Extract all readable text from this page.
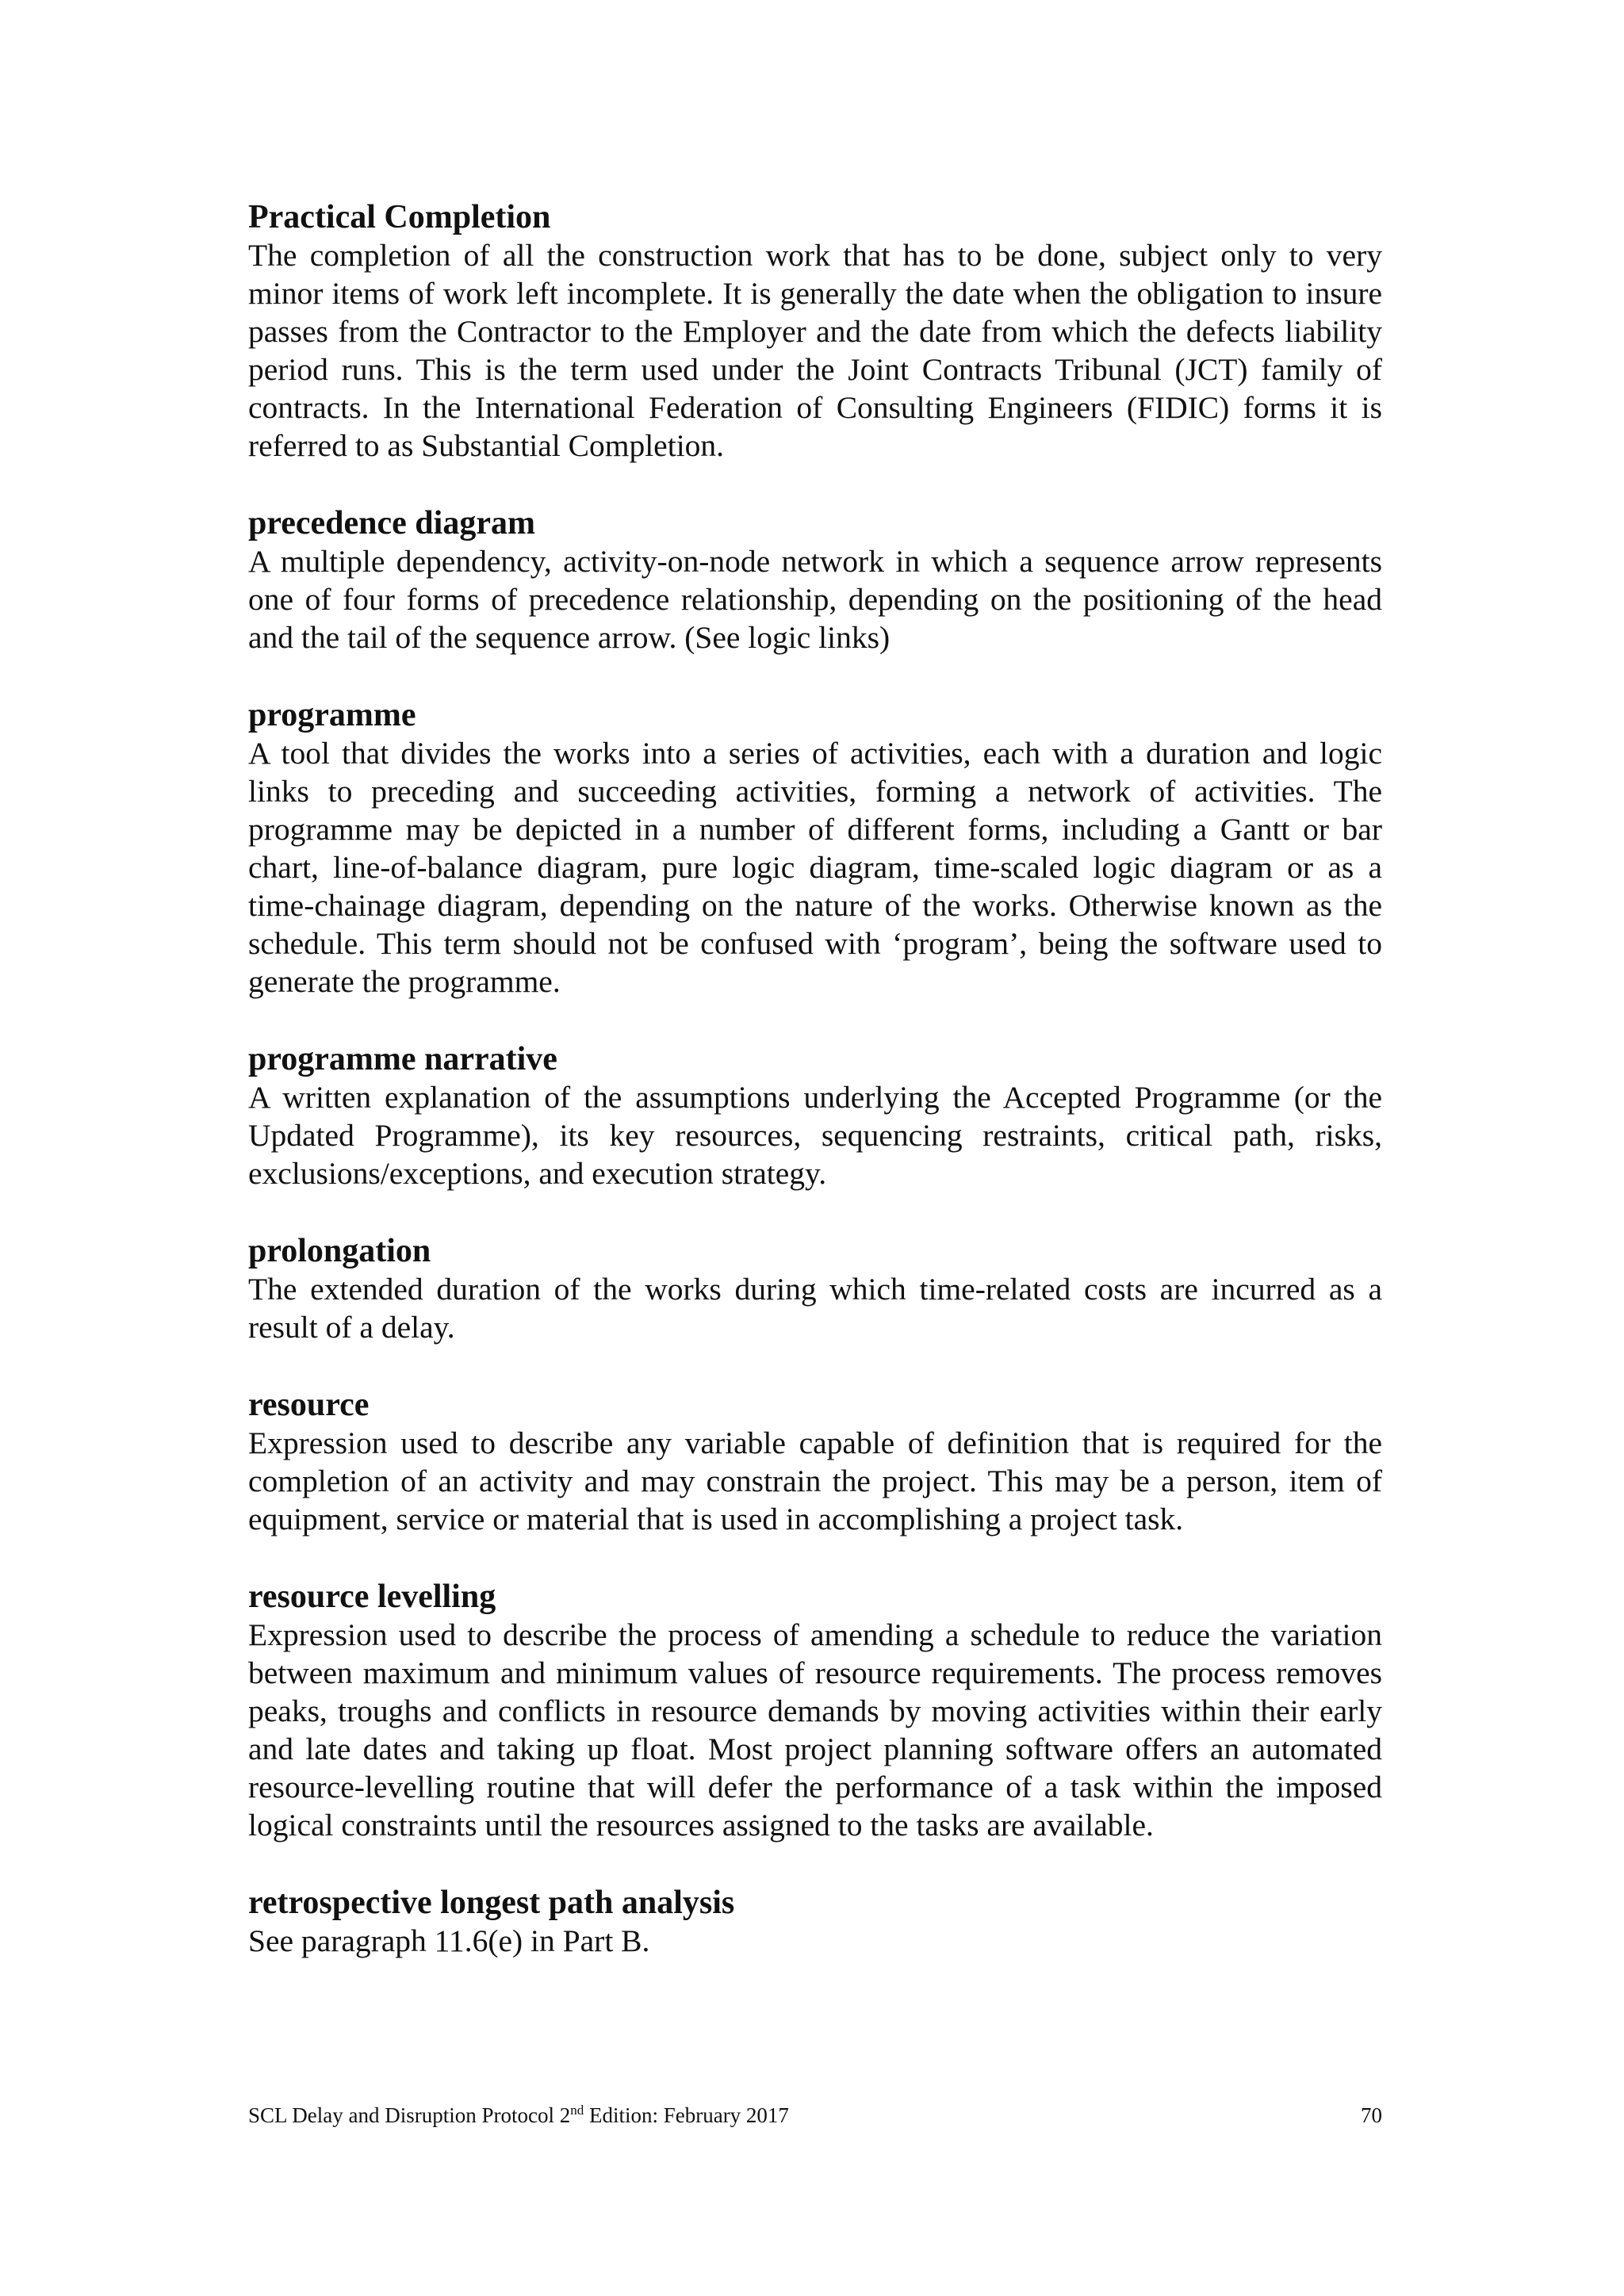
Practical Completion

The completion of all the construction work that has to be done, subject only to very minor items of work left incomplete. It is generally the date when the obligation to insure passes from the Contractor to the Employer and the date from which the defects liability period runs. This is the term used under the Joint Contracts Tribunal (JCT) family of contracts. In the International Federation of Consulting Engineers (FIDIC) forms it is referred to as Substantial Completion.

precedence diagram

A multiple dependency, activity-on-node network in which a sequence arrow represents one of four forms of precedence relationship, depending on the positioning of the head and the tail of the sequence arrow. (See logic links)

programme

A tool that divides the works into a series of activities, each with a duration and logic links to preceding and succeeding activities, forming a network of activities. The programme may be depicted in a number of different forms, including a Gantt or bar chart, line-of-balance diagram, pure logic diagram, time-scaled logic diagram or as a time-chainage diagram, depending on the nature of the works. Otherwise known as the schedule. This term should not be confused with ‘program’, being the software used to generate the programme.

programme narrative

A written explanation of the assumptions underlying the Accepted Programme (or the Updated Programme), its key resources, sequencing restraints, critical path, risks, exclusions/exceptions, and execution strategy.

prolongation

The extended duration of the works during which time-related costs are incurred as a result of a delay.

resource

Expression used to describe any variable capable of definition that is required for the completion of an activity and may constrain the project. This may be a person, item of equipment, service or material that is used in accomplishing a project task.

resource levelling

Expression used to describe the process of amending a schedule to reduce the variation between maximum and minimum values of resource requirements. The process removes peaks, troughs and conflicts in resource demands by moving activities within their early and late dates and taking up float. Most project planning software offers an automated resource-levelling routine that will defer the performance of a task within the imposed logical constraints until the resources assigned to the tasks are available.

retrospective longest path analysis

See paragraph 11.6(e) in Part B.

SCL Delay and Disruption Protocol 2nd Edition: February 2017	70
